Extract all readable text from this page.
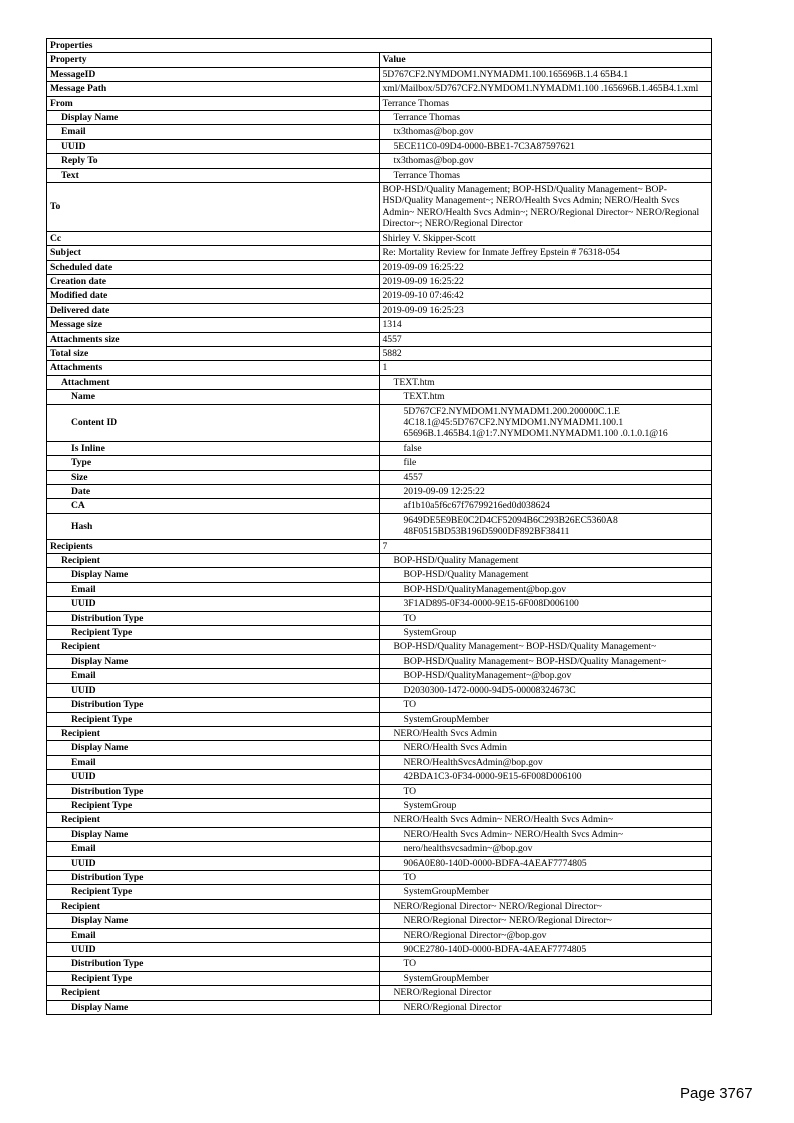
Properties	
Property	Value
MessageID	5D767CF2.NYMDOM1.NYMADM1.100.165696B.1.4 65B4.1
Message Path	xml/Mailbox/5D767CF2.NYMDOM1.NYMADM1.100 .165696B.1.465B4.1.xml
From	Terrance Thomas
Display Name	Terrance Thomas
Email	tx3thomas@bop.gov
UUID	5ECE11C0-09D4-0000-BBE1-7C3A87597621
Reply To	tx3thomas@bop.gov
Text	Terrance Thomas
To	BOP-HSD/Quality Management; BOP-HSD/Quality Management~ BOP-HSD/Quality Management~; NERO/Health Svcs Admin; NERO/Health Svcs Admin~ NERO/Health Svcs Admin~; NERO/Regional Director~ NERO/Regional Director~; NERO/Regional Director
Cc	Shirley V. Skipper-Scott
Subject	Re: Mortality Review for Inmate Jeffrey Epstein # 76318-054
Scheduled date	2019-09-09 16:25:22
Creation date	2019-09-09 16:25:22
Modified date	2019-09-10 07:46:42
Delivered date	2019-09-09 16:25:23
Message size	1314
Attachments size	4557
Total size	5882
Attachments	1
Attachment	TEXT.htm
Name	TEXT.htm
Content ID	5D767CF2.NYMDOM1.NYMADM1.200.200000C.1.E 4C18.1@45:5D767CF2.NYMDOM1.NYMADM1.100.1 65696B.1.465B4.1@1:7.NYMDOM1.NYMADM1.100 .0.1.0.1@16
Is Inline	false
Type	file
Size	4557
Date	2019-09-09 12:25:22
CA	af1b10a5f6c67f76799216ed0d038624
Hash	9649DE5E9BE0C2D4CF52094B6C293B26EC5360A8 48F0515BD53B196D5900DF892BF38411
Recipients	7
Recipient	BOP-HSD/Quality Management
Display Name	BOP-HSD/Quality Management
Email	BOP-HSD/QualityManagement@bop.gov
UUID	3F1AD895-0F34-0000-9E15-6F008D006100
Distribution Type	TO
Recipient Type	SystemGroup
Recipient	BOP-HSD/Quality Management~ BOP-HSD/Quality Management~
Display Name	BOP-HSD/Quality Management~ BOP-HSD/Quality Management~
Email	BOP-HSD/QualityManagement~@bop.gov
UUID	D2030300-1472-0000-94D5-00008324673C
Distribution Type	TO
Recipient Type	SystemGroupMember
Recipient	NERO/Health Svcs Admin
Display Name	NERO/Health Svcs Admin
Email	NERO/HealthSvcsAdmin@bop.gov
UUID	42BDA1C3-0F34-0000-9E15-6F008D006100
Distribution Type	TO
Recipient Type	SystemGroup
Recipient	NERO/Health Svcs Admin~ NERO/Health Svcs Admin~
Display Name	NERO/Health Svcs Admin~ NERO/Health Svcs Admin~
Email	nero/healthsvcsadmin~@bop.gov
UUID	906A0E80-140D-0000-BDFA-4AEAF7774805
Distribution Type	TO
Recipient Type	SystemGroupMember
Recipient	NERO/Regional Director~ NERO/Regional Director~
Display Name	NERO/Regional Director~ NERO/Regional Director~
Email	NERO/Regional Director~@bop.gov
UUID	90CE2780-140D-0000-BDFA-4AEAF7774805
Distribution Type	TO
Recipient Type	SystemGroupMember
Recipient	NERO/Regional Director
Display Name	NERO/Regional Director
Page 3767
